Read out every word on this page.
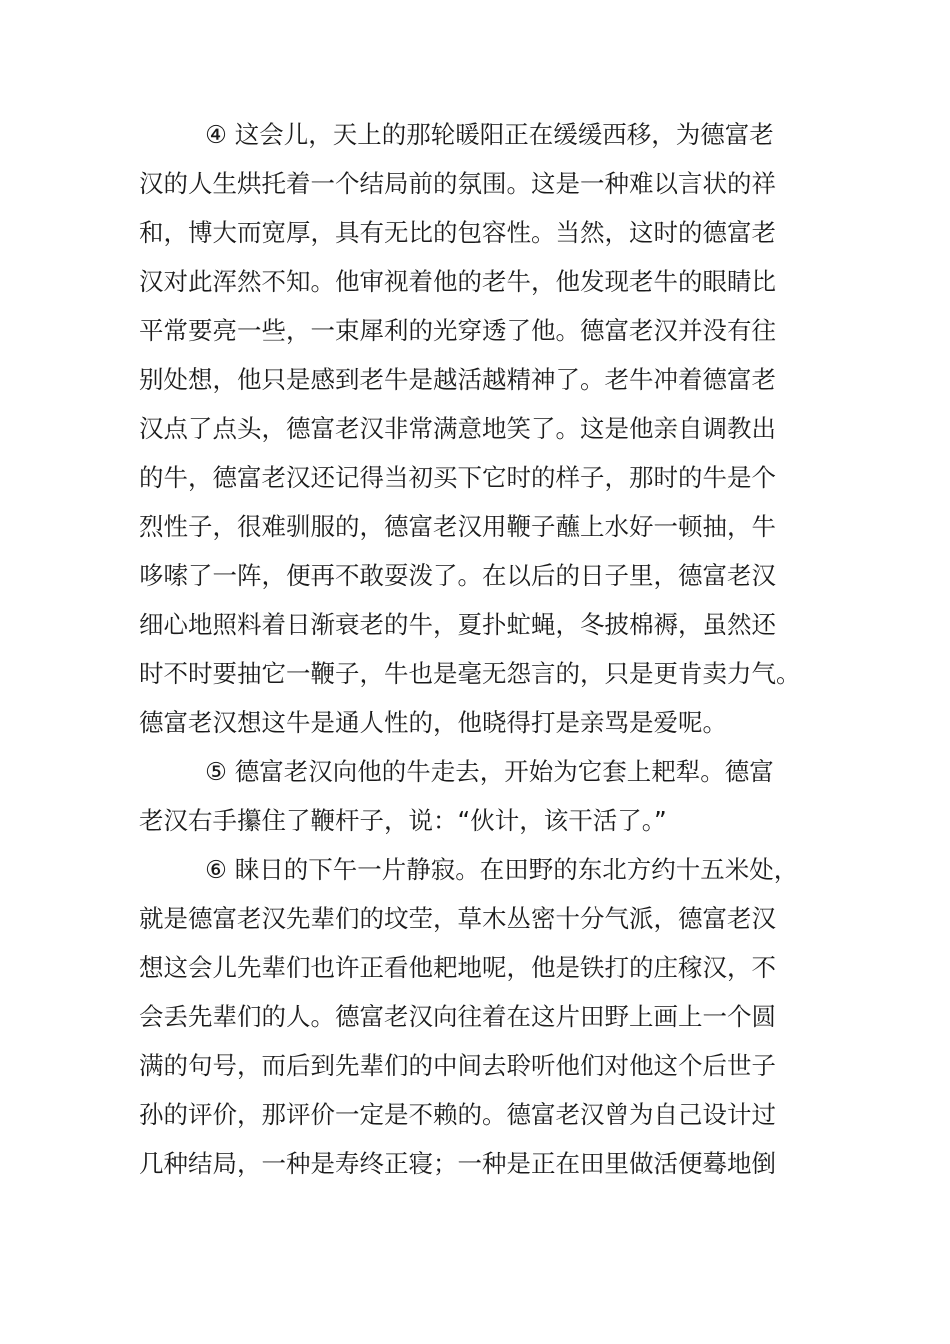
④ 这会儿，天上的那轮暖阳正在缓缓西移，为德富老
汉的人生烘托着一个结局前的氛围。这是一种难以言状的祥
和，博大而宽厚，具有无比的包容性。当然，这时的德富老
汉对此浑然不知。他审视着他的老牛，他发现老牛的眼睛比
平常要亮一些，一束犀利的光穿透了他。德富老汉并没有往
别处想，他只是感到老牛是越活越精神了。老牛冲着德富老
汉点了点头，德富老汉非常满意地笑了。这是他亲自调教出
的牛，德富老汉还记得当初买下它时的样子，那时的牛是个
烈性子，很难驯服的，德富老汉用鞭子蘸上水好一顿抽，牛
哆嗦了一阵，便再不敢耍泼了。在以后的日子里，德富老汉
细心地照料着日渐衰老的牛，夏扑虻蝇，冬披棉褥，虽然还
时不时要抽它一鞭子，牛也是毫无怨言的，只是更肯卖力气。
德富老汉想这牛是通人性的，他晓得打是亲骂是爱呢。
⑤ 德富老汉向他的牛走去，开始为它套上耙犁。德富
老汉右手攥住了鞭杆子，说：“伙计，该干活了。”
⑥ 睐日的下午一片静寂。在田野的东北方约十五米处，
就是德富老汉先辈们的坟茔，草木丛密十分气派，德富老汉
想这会儿先辈们也许正看他耙地呢，他是铁打的庄稼汉，不
会丢先辈们的人。德富老汉向往着在这片田野上画上一个圆
满的句号，而后到先辈们的中间去聆听他们对他这个后世子
孙的评价，那评价一定是不赖的。德富老汉曾为自己设计过
几种结局，一种是寿终正寝；一种是正在田里做活便蓦地倒
